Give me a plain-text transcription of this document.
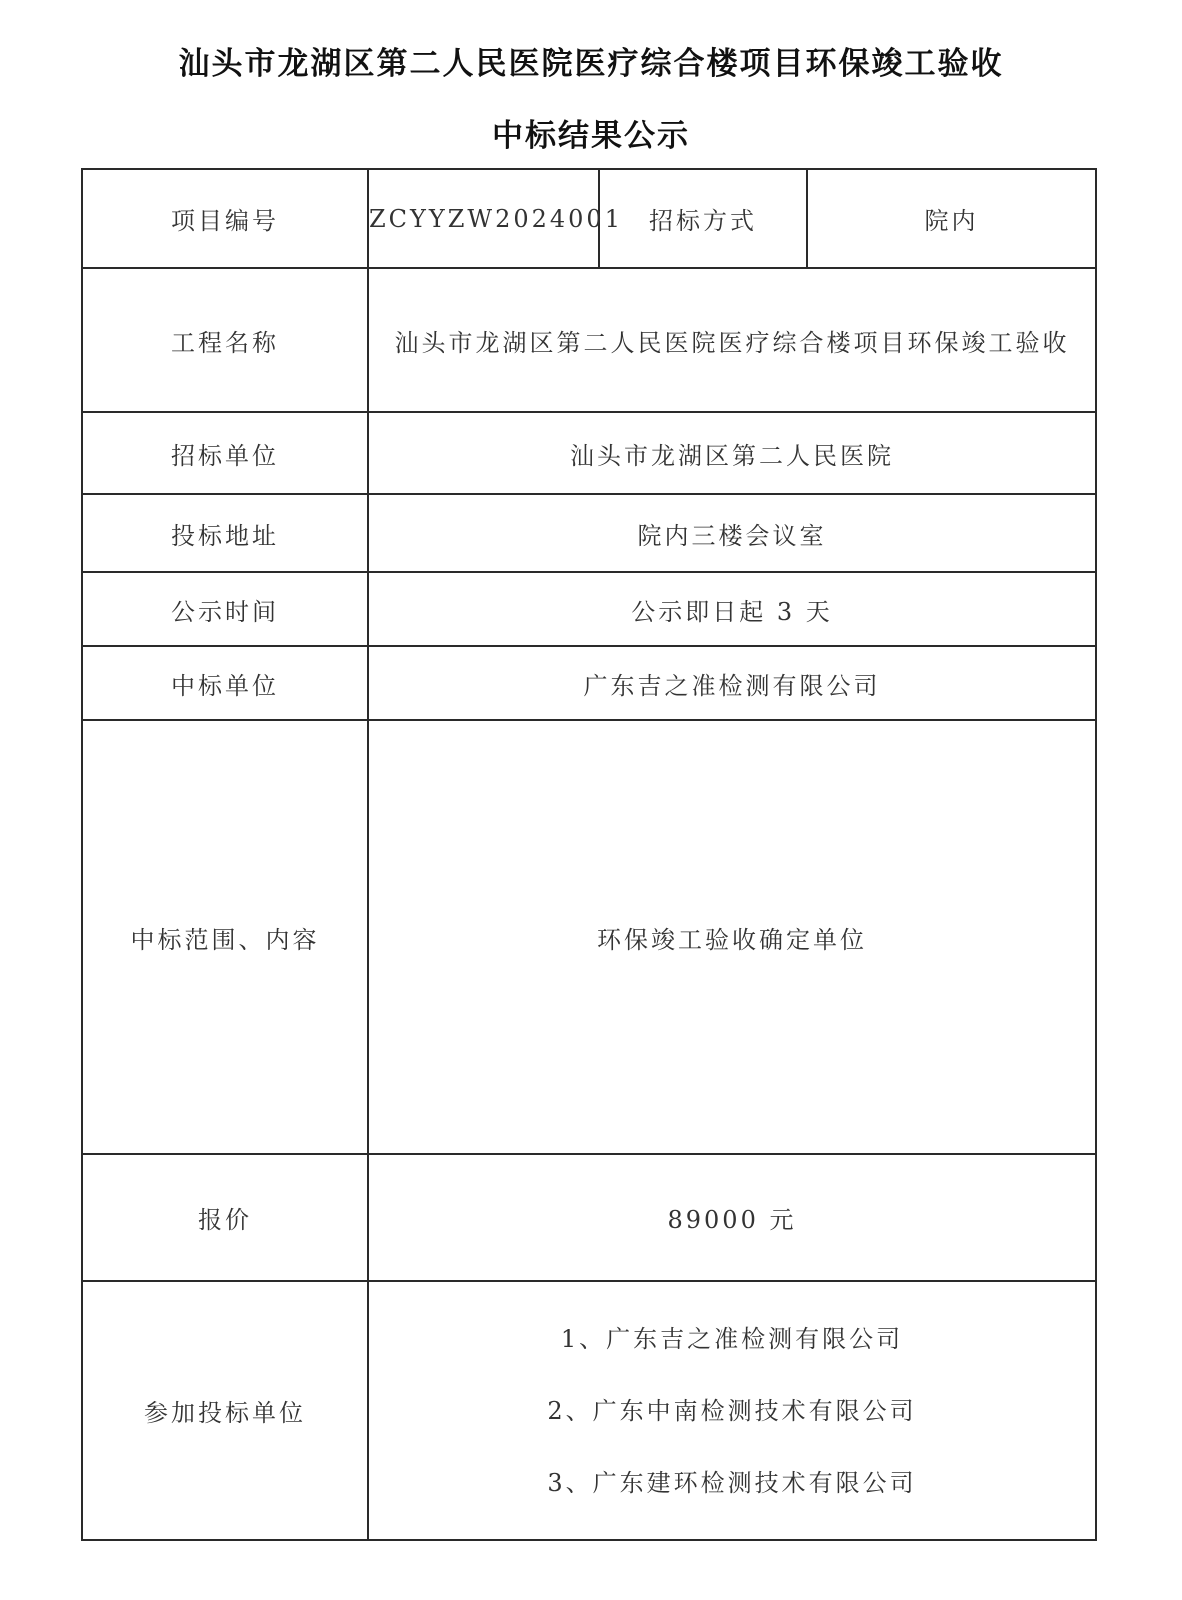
汕头市龙湖区第二人民医院医疗综合楼项目环保竣工验收
中标结果公示
项目编号	ZCYYZW2024001	招标方式	院内
工程名称	汕头市龙湖区第二人民医院医疗综合楼项目环保竣工验收		
招标单位	汕头市龙湖区第二人民医院		
投标地址	院内三楼会议室		
公示时间	公示即日起 3 天		
中标单位	广东吉之准检测有限公司		
中标范围、内容	环保竣工验收确定单位		
报价	89000 元		
参加投标单位	1、广东吉之准检测有限公司
2、广东中南检测技术有限公司
3、广东建环检测技术有限公司		
